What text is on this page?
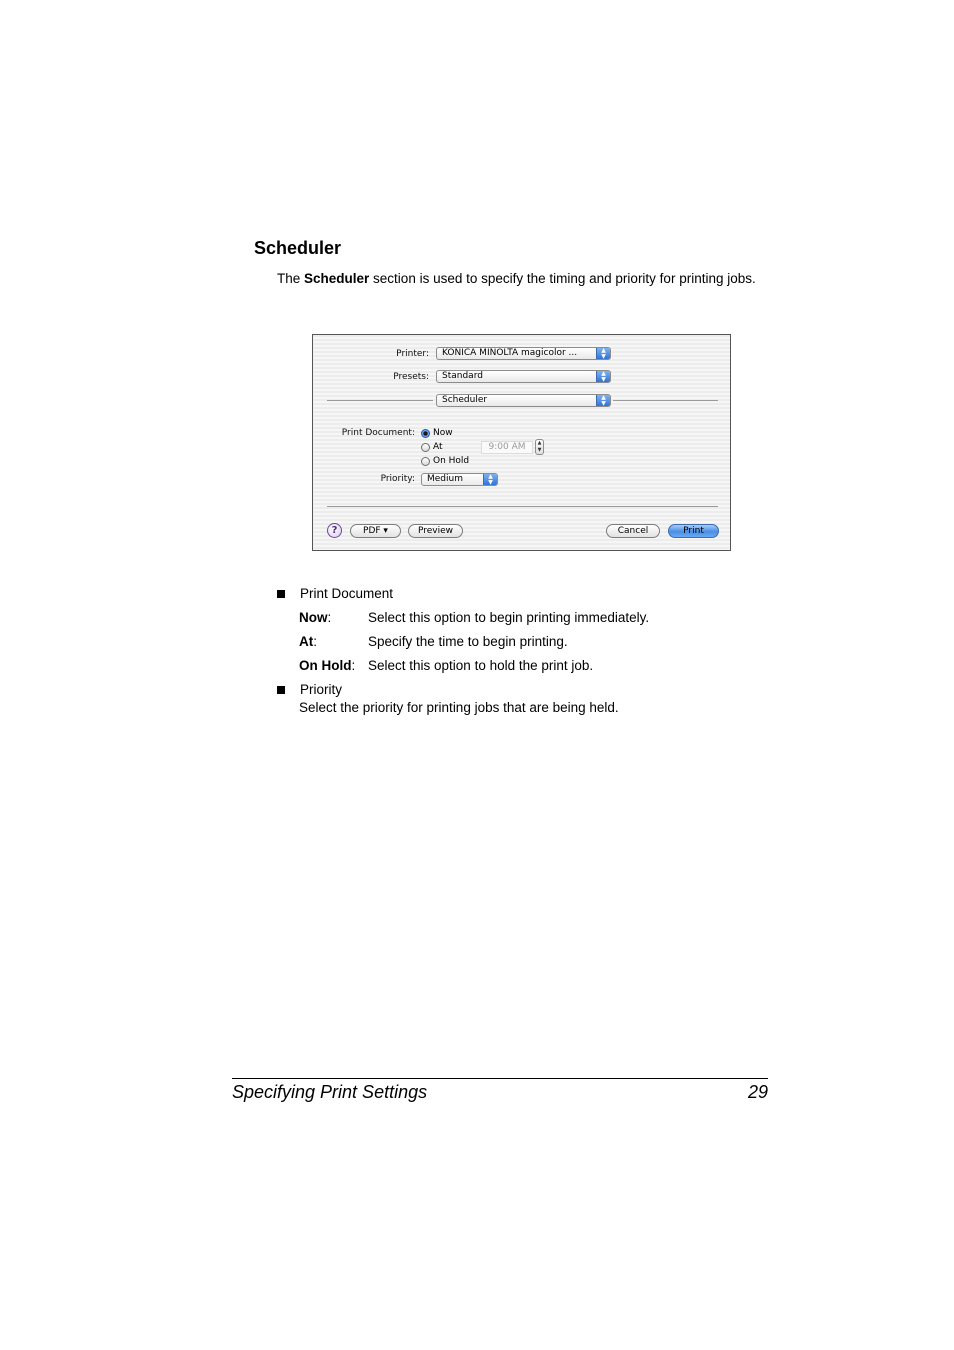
Scheduler

The Scheduler section is used to specify the timing and priority for printing jobs.

Printer:	KONICA MINOLTA magicolor ...	▲
▼
Presets:	Standard	▲
▼
Scheduler	▲
▼
Print Document: Now
At	9:00 AM	▲
▼
On Hold
Priority:	Medium	▲
▼
?	PDF ▾	Preview	Cancel	Print
Print Document
Now:	Select this option to begin printing immediately.
At:	Specify the time to begin printing.
On Hold: Select this option to hold the print job.
Priority
Select the priority for printing jobs that are being held.
Specifying Print Settings	29
